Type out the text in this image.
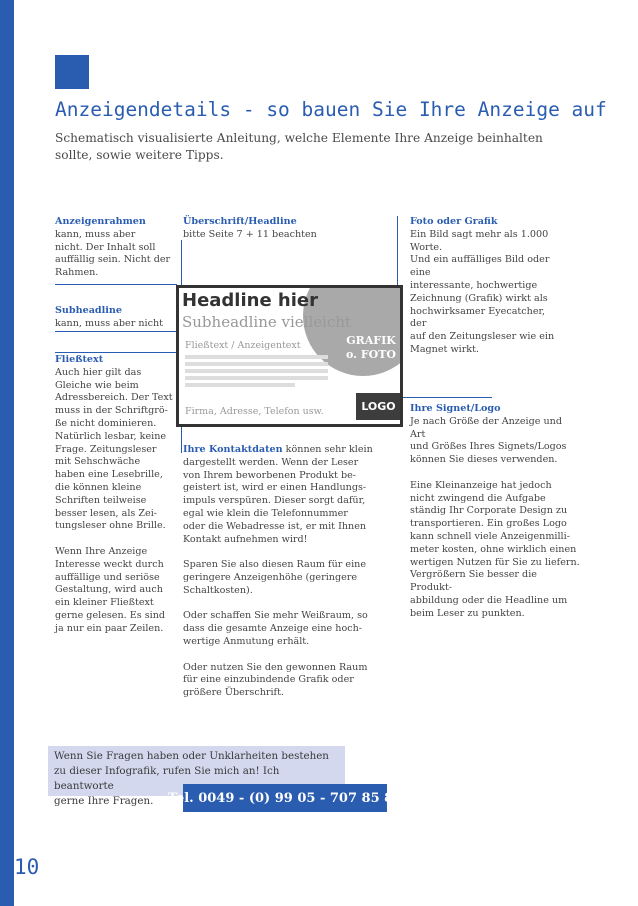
Anzeigendetails - so bauen Sie Ihre Anzeige auf
Schematisch visualisierte Anleitung, welche Elemente Ihre Anzeige beinhalten sollte, sowie weitere Tipps.
Anzeigenrahmen

kann, muss aber
nicht. Der Inhalt soll
auffällig sein. Nicht der
Rahmen.

Subheadline

kann, muss aber nicht

Fließtext

Auch hier gilt das
Gleiche wie beim
Adressbereich. Der Text
muss in der Schriftgrö-
ße nicht dominieren.
Natürlich lesbar, keine
Frage. Zeitungsleser
mit Sehschwäche
haben eine Lesebrille,
die können kleine
Schriften teilweise
besser lesen, als Zei-
tungsleser ohne Brille.

Wenn Ihre Anzeige
Interesse weckt durch
auffällige und seriöse
Gestaltung, wird auch
ein kleiner Fließtext
gerne gelesen. Es sind
ja nur ein paar Zeilen.

Überschrift/Headline

bitte Seite 7 + 11 beachten

Foto oder Grafik

Ein Bild sagt mehr als 1.000
Worte.
Und ein auffälliges Bild oder eine
interessante, hochwertige
Zeichnung (Grafik) wirkt als
hochwirksamer Eyecatcher, der
auf den Zeitungsleser wie ein
Magnet wirkt.

Ihre Kontaktdaten können sehr klein
dargestellt werden. Wenn der Leser
von Ihrem beworbenen Produkt be-
geistert ist, wird er einen Handlungs-
impuls verspüren. Dieser sorgt dafür,
egal wie klein die Telefonnummer
oder die Webadresse ist, er mit Ihnen
Kontakt aufnehmen wird!

Sparen Sie also diesen Raum für eine
geringere Anzeigenhöhe (geringere
Schaltkosten).

Oder schaffen Sie mehr Weißraum, so
dass die gesamte Anzeige eine hoch-
wertige Anmutung erhält.

Oder nutzen Sie den gewonnen Raum
für eine einzubindende Grafik oder
größere Überschrift.

Ihre Signet/Logo

Je nach Größe der Anzeige und Art
und Größes Ihres Signets/Logos
können Sie dieses verwenden.

Eine Kleinanzeige hat jedoch
nicht zwingend die Aufgabe
ständig Ihr Corporate Design zu
transportieren. Ein großes Logo
kann schnell viele Anzeigenmilli-
meter kosten, ohne wirklich einen
wertigen Nutzen für Sie zu liefern.
Vergrößern Sie besser die Produkt-
abbildung oder die Headline um
beim Leser zu punkten.

Headline hier
Subheadline vielleicht
Fließtext / Anzeigentext	GRAFIK
o. FOTO
Firma, Adresse, Telefon usw.	LOGO
Wenn Sie Fragen haben oder Unklarheiten bestehen
zu dieser Infografik, rufen Sie mich an! Ich beantworte
gerne Ihre Fragen.	Tel. 0049 - (0) 99 05 - 707 85 80
10
